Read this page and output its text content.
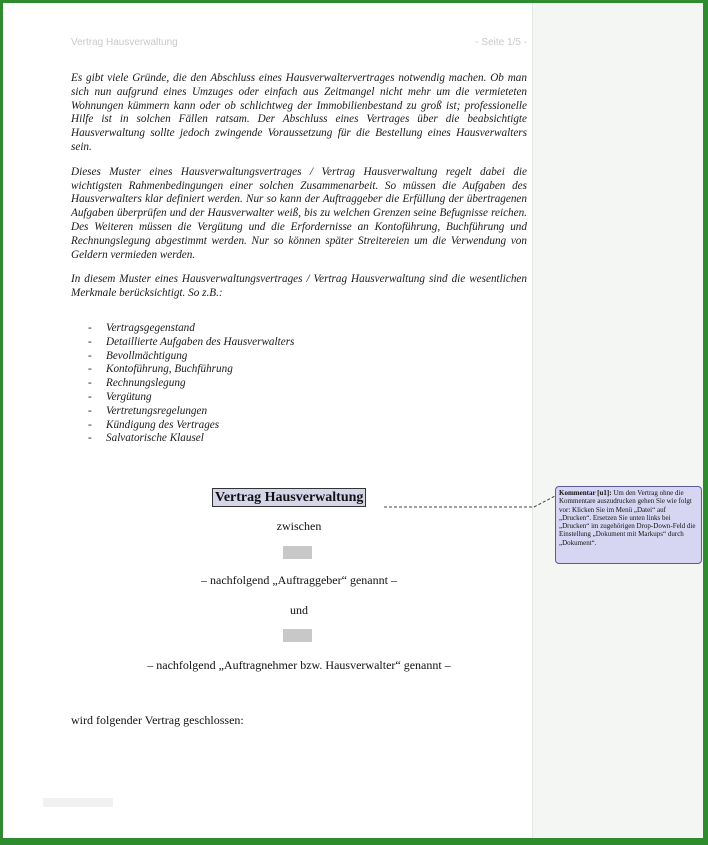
Vertrag Hausverwaltung	- Seite 1/5 -

Es gibt viele Gründe, die den Abschluss eines Hausverwaltervertrages notwendig machen. Ob man sich nun aufgrund eines Umzuges oder einfach aus Zeitmangel nicht mehr um die vermieteten Wohnungen kümmern kann oder ob schlichtweg der Immobilienbestand zu groß ist; professionelle Hilfe ist in solchen Fällen ratsam. Der Abschluss eines Vertrages über die beabsichtigte Hausverwaltung sollte jedoch zwingende Voraussetzung für die Bestellung eines Hausverwalters sein.

Dieses Muster eines Hausverwaltungsvertrages / Vertrag Hausverwaltung regelt dabei die wichtigsten Rahmenbedingungen einer solchen Zusammenarbeit. So müssen die Aufgaben des Hausverwalters klar definiert werden. Nur so kann der Auftraggeber die Erfüllung der übertragenen Aufgaben überprüfen und der Hausverwalter weiß, bis zu welchen Grenzen seine Befugnisse reichen. Des Weiteren müssen die Vergütung und die Erfordernisse an Kontoführung, Buchführung und Rechnungslegung abgestimmt werden. Nur so können später Streitereien um die Verwendung von Geldern vermieden werden.

In diesem Muster eines Hausverwaltungsvertrages / Vertrag Hausverwaltung sind die wesentlichen Merkmale berücksichtigt. So z.B.:

-	Vertragsgegenstand
-	Detaillierte Aufgaben des Hausverwalters
-	Bevollmächtigung
-	Kontoführung, Buchführung
-	Rechnungslegung
-	Vergütung
-	Vertretungsregelungen
-	Kündigung des Vertrages
-	Salvatorische Klausel
Vertrag Hausverwaltung
zwischen
– nachfolgend „Auftraggeber“ genannt –
und
– nachfolgend „Auftragnehmer bzw. Hausverwalter“ genannt –
wird folgender Vertrag geschlossen:
Kommentar [u1]: Um den Vertrag ohne die Kommentare auszudrucken gehen Sie wie folgt vor: Klicken Sie im Menü „Datei“ auf „Drucken“. Ersetzen Sie unten links bei „Drucken“ im zugehörigen Drop-Down-Feld die Einstellung „Dokument mit Markups“ durch „Dokument“.
